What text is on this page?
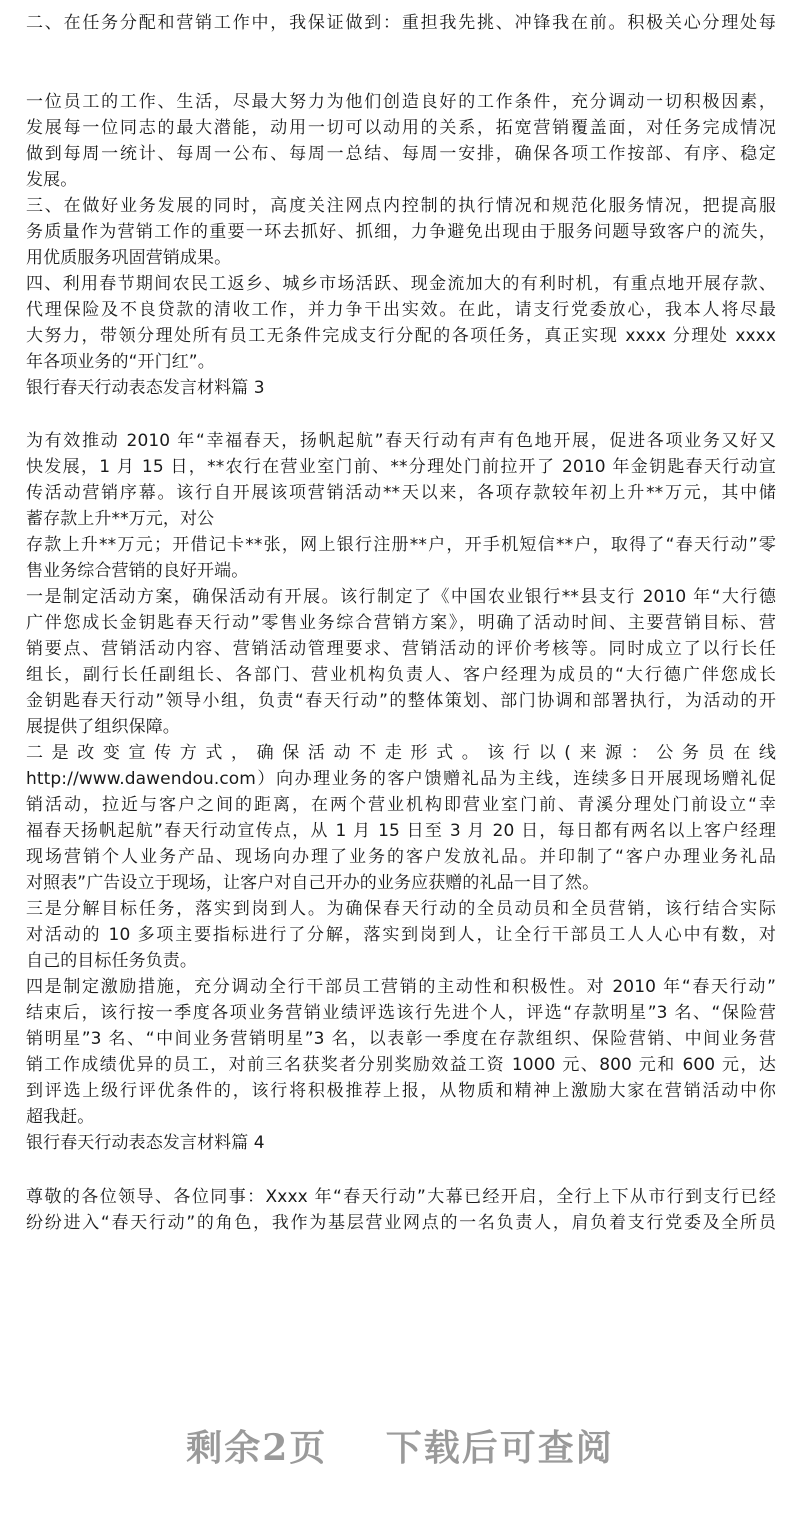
二、在任务分配和营销工作中，我保证做到：重担我先挑、冲锋我在前。积极关心分理处每

一位员工的工作、生活，尽最大努力为他们创造良好的工作条件，充分调动一切积极因素，

发展每一位同志的最大潜能，动用一切可以动用的关系，拓宽营销覆盖面，对任务完成情况

做到每周一统计、每周一公布、每周一总结、每周一安排，确保各项工作按部、有序、稳定

发展。

三、在做好业务发展的同时，高度关注网点内控制的执行情况和规范化服务情况，把提高服

务质量作为营销工作的重要一环去抓好、抓细，力争避免出现由于服务问题导致客户的流失，

用优质服务巩固营销成果。

四、利用春节期间农民工返乡、城乡市场活跃、现金流加大的有利时机，有重点地开展存款、

代理保险及不良贷款的清收工作，并力争干出实效。在此，请支行党委放心，我本人将尽最

大努力，带领分理处所有员工无条件完成支行分配的各项任务，真正实现 xxxx 分理处 xxxx

年各项业务的“开门红”。

银行春天行动表态发言材料篇 3

为有效推动 2010 年“幸福春天，扬帆起航”春天行动有声有色地开展，促进各项业务又好又

快发展，1 月 15 日，**农行在营业室门前、**分理处门前拉开了 2010 年金钥匙春天行动宣

传活动营销序幕。该行自开展该项营销活动**天以来，各项存款较年初上升**万元，其中储

蓄存款上升**万元，对公

存款上升**万元；开借记卡**张，网上银行注册**户，开手机短信**户，取得了“春天行动”零

售业务综合营销的良好开端。

一是制定活动方案，确保活动有开展。该行制定了《中国农业银行**县支行 2010 年“大行德

广伴您成长金钥匙春天行动”零售业务综合营销方案》，明确了活动时间、主要营销目标、营

销要点、营销活动内容、营销活动管理要求、营销活动的评价考核等。同时成立了以行长任

组长，副行长任副组长、各部门、营业机构负责人、客户经理为成员的“大行德广伴您成长

金钥匙春天行动”领导小组，负责“春天行动”的整体策划、部门协调和部署执行，为活动的开

展提供了组织保障。

二是改变宣传方式，确保活动不走形式。该行以(来源：公务员在线

http://www.dawendou.com）向办理业务的客户馈赠礼品为主线，连续多日开展现场赠礼促

销活动，拉近与客户之间的距离，在两个营业机构即营业室门前、青溪分理处门前设立“幸

福春天扬帆起航”春天行动宣传点，从 1 月 15 日至 3 月 20 日，每日都有两名以上客户经理

现场营销个人业务产品、现场向办理了业务的客户发放礼品。并印制了“客户办理业务礼品

对照表”广告设立于现场，让客户对自己开办的业务应获赠的礼品一目了然。

三是分解目标任务，落实到岗到人。为确保春天行动的全员动员和全员营销，该行结合实际

对活动的 10 多项主要指标进行了分解，落实到岗到人，让全行干部员工人人心中有数，对

自己的目标任务负责。

四是制定激励措施，充分调动全行干部员工营销的主动性和积极性。对 2010 年“春天行动”

结束后，该行按一季度各项业务营销业绩评选该行先进个人，评选“存款明星”3 名、“保险营

销明星”3 名、“中间业务营销明星”3 名，以表彰一季度在存款组织、保险营销、中间业务营

销工作成绩优异的员工，对前三名获奖者分别奖励效益工资 1000 元、800 元和 600 元，达

到评选上级行评优条件的，该行将积极推荐上报，从物质和精神上激励大家在营销活动中你

超我赶。

银行春天行动表态发言材料篇 4

尊敬的各位领导、各位同事：Xxxx 年“春天行动”大幕已经开启，全行上下从市行到支行已经

纷纷进入“春天行动”的角色，我作为基层营业网点的一名负责人，肩负着支行党委及全所员

剩余2页 下载后可查阅
